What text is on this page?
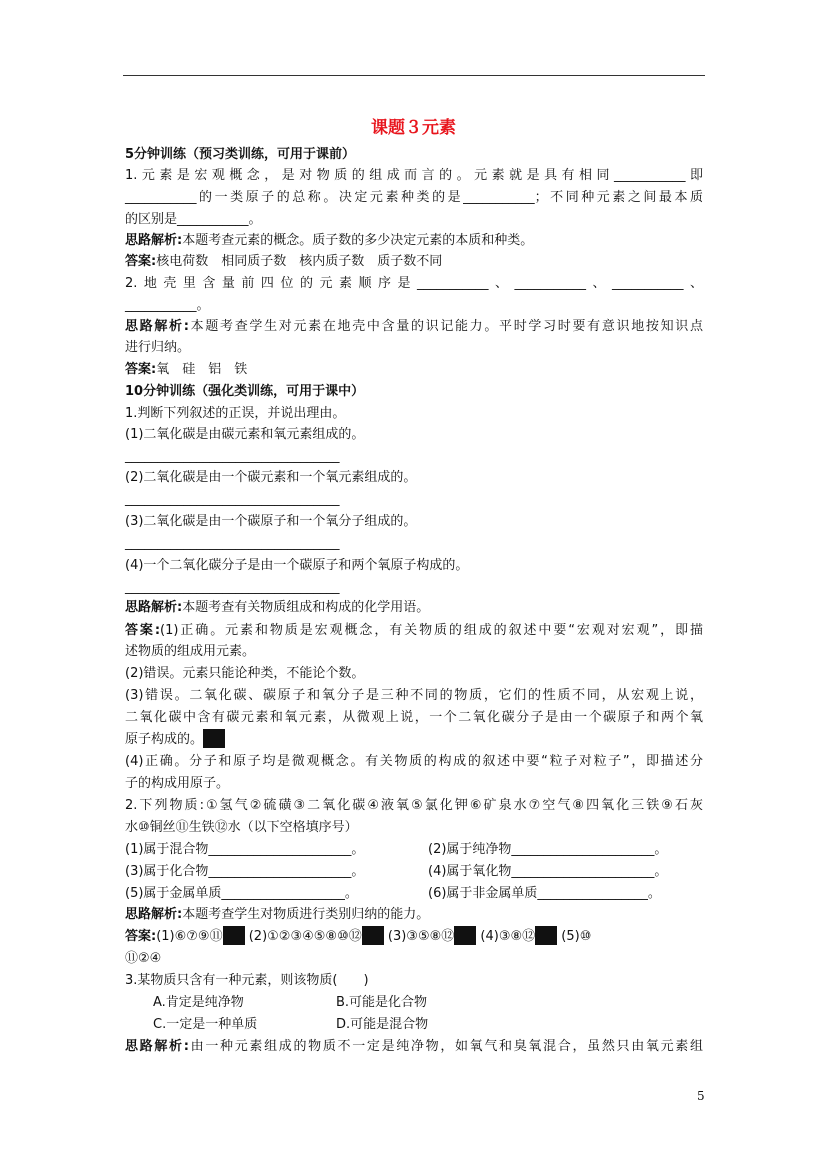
课题３元素
5分钟训练（预习类训练，可用于课前）
1.元素是宏观概念，是对物质的组成而言的。元素就是具有相同___________即
___________的一类原子的总称。决定元素种类的是___________；不同种元素之间最本质
的区别是___________。
思路解析:本题考查元素的概念。质子数的多少决定元素的本质和种类。
答案:核电荷数　相同质子数　核内质子数　质子数不同
2.地壳里含量前四位的元素顺序是___________、___________、___________、
___________。
思路解析:本题考查学生对元素在地壳中含量的识记能力。平时学习时要有意识地按知识点
进行归纳。
答案:氧　硅　铝　铁
10分钟训练（强化类训练，可用于课中）
1.判断下列叙述的正误，并说出理由。
(1)二氧化碳是由碳元素和氧元素组成的。
_________________________________
(2)二氧化碳是由一个碳元素和一个氧元素组成的。
_________________________________
(3)二氧化碳是由一个碳原子和一个氧分子组成的。
_________________________________
(4)一个二氧化碳分子是由一个碳原子和两个氧原子构成的。
_________________________________
思路解析:本题考查有关物质组成和构成的化学用语。
答案:(1)正确。元素和物质是宏观概念，有关物质的组成的叙述中要“宏观对宏观”，即描
述物质的组成用元素。
(2)错误。元素只能论种类，不能论个数。
(3)错误。二氧化碳、碳原子和氧分子是三种不同的物质，它们的性质不同，从宏观上说，
二氧化碳中含有碳元素和氧元素，从微观上说，一个二氧化碳分子是由一个碳原子和两个氧
原子构成的。
(4)正确。分子和原子均是微观概念。有关物质的构成的叙述中要“粒子对粒子”，即描述分
子的构成用原子。
2.下列物质:①氢气②硫磺③二氧化碳④液氧⑤氯化钾⑥矿泉水⑦空气⑧四氧化三铁⑨石灰
水⑩铜丝⑪生铁⑫水（以下空格填序号）
(1)属于混合物______________________。	(2)属于纯净物______________________。
(3)属于化合物______________________。	(4)属于氧化物______________________。
(5)属于金属单质___________________。	(6)属于非金属单质_________________。
思路解析:本题考查学生对物质进行类别归纳的能力。
答案:(1)⑥⑦⑨⑪ (2)①②③④⑤⑧⑩⑫ (3)③⑤⑧⑫ (4)③⑧⑫ (5)⑩
⑪②④
3.某物质只含有一种元素，则该物质(　　)
A.肯定是纯净物	B.可能是化合物
C.一定是一种单质	D.可能是混合物
思路解析:由一种元素组成的物质不一定是纯净物，如氧气和臭氧混合，虽然只由氧元素组
5
